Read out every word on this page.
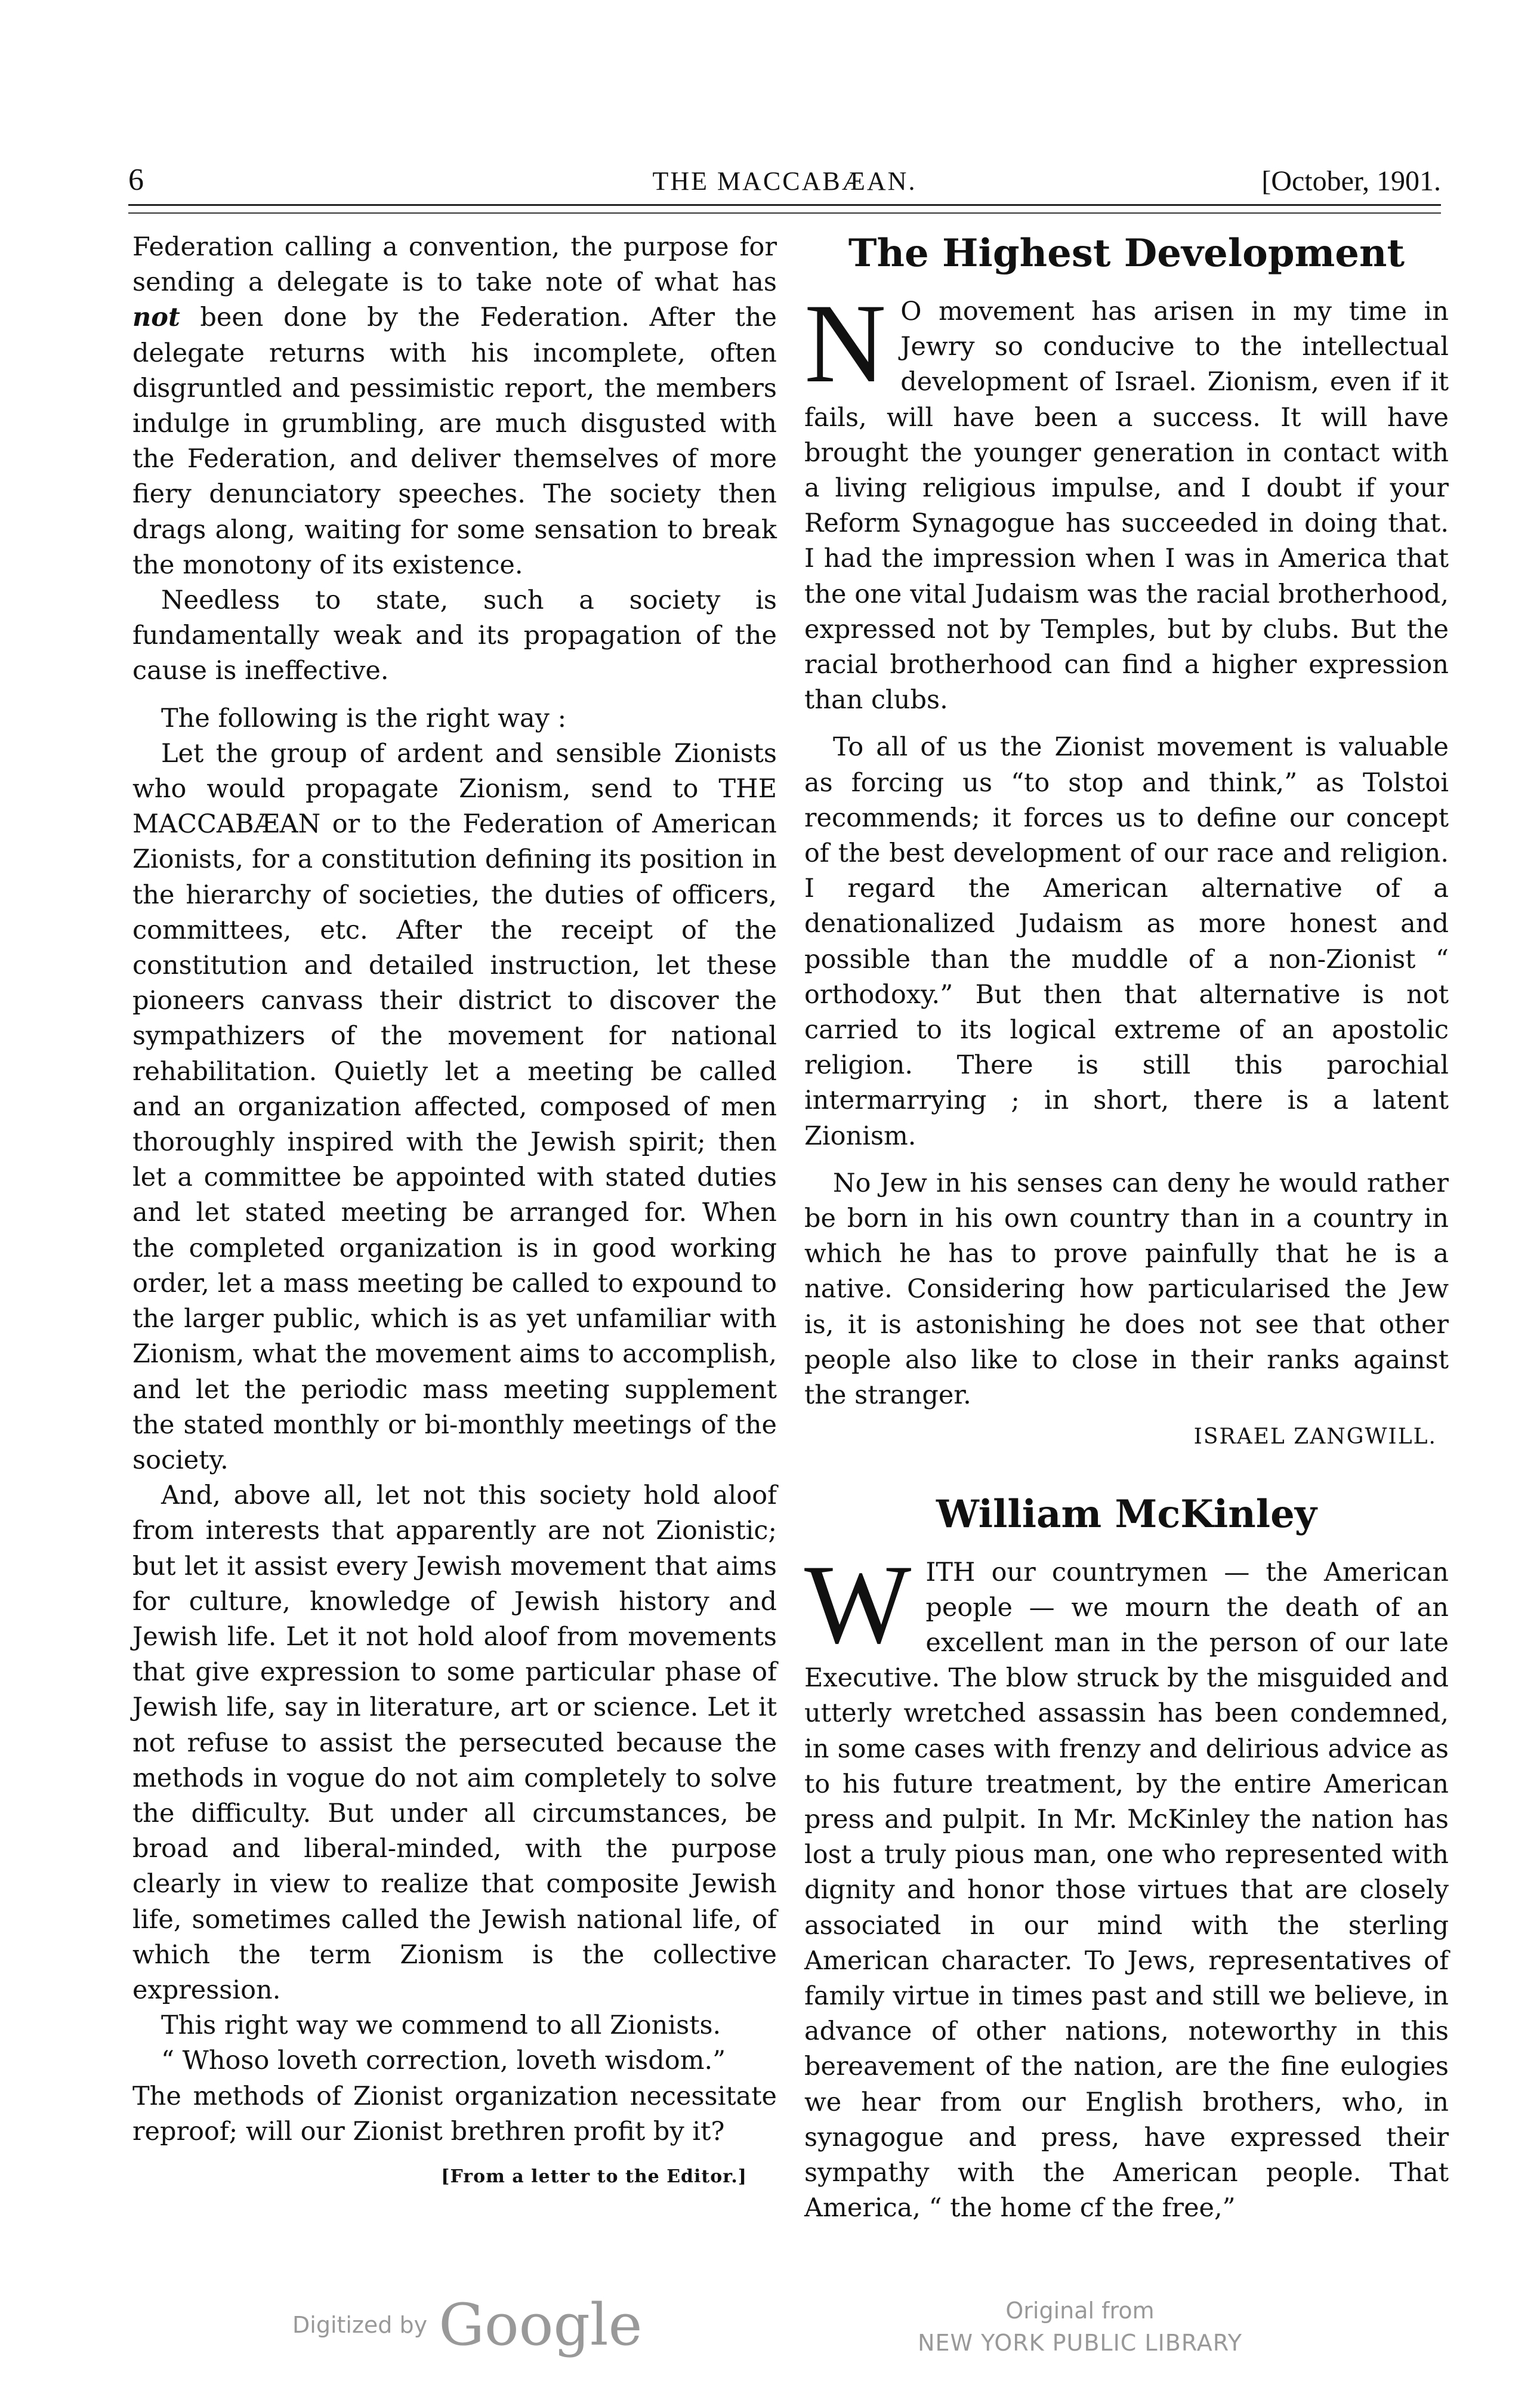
6	THE MACCABÆAN.	[October, 1901.

Federation calling a convention, the purpose for sending a delegate is to take note of what has not been done by the Federation. After the delegate returns with his incomplete, often disgruntled and pessimistic report, the members indulge in grumbling, are much disgusted with the Federation, and deliver themselves of more fiery denunciatory speeches. The society then drags along, waiting for some sensation to break the monotony of its existence.

Needless to state, such a society is fundamentally weak and its propagation of the cause is ineffective.

The following is the right way :

Let the group of ardent and sensible Zionists who would propagate Zionism, send to THE MACCABÆAN or to the Federation of American Zionists, for a constitution defining its position in the hierarchy of societies, the duties of officers, committees, etc. After the receipt of the constitution and detailed instruction, let these pioneers canvass their district to discover the sympathizers of the movement for national rehabilitation. Quietly let a meeting be called and an organization affected, composed of men thoroughly inspired with the Jewish spirit; then let a committee be appointed with stated duties and let stated meeting be arranged for. When the completed organization is in good working order, let a mass meeting be called to expound to the larger public, which is as yet unfamiliar with Zionism, what the movement aims to accomplish, and let the periodic mass meeting supplement the stated monthly or bi-monthly meetings of the society.

And, above all, let not this society hold aloof from interests that apparently are not Zionistic; but let it assist every Jewish movement that aims for culture, knowledge of Jewish history and Jewish life. Let it not hold aloof from movements that give expression to some particular phase of Jewish life, say in literature, art or science. Let it not refuse to assist the persecuted because the methods in vogue do not aim completely to solve the difficulty. But under all circumstances, be broad and liberal-minded, with the purpose clearly in view to realize that composite Jewish life, sometimes called the Jewish national life, of which the term Zionism is the collective expression.

This right way we commend to all Zionists.

“ Whoso loveth correction, loveth wisdom.”

The methods of Zionist organization necessitate reproof; will our Zionist brethren profit by it?

[From a letter to the Editor.]
The Highest Development

N O movement has arisen in my time in Jewry so conducive to the intellectual development of Israel. Zionism, even if it fails, will have been a success. It will have brought the younger generation in contact with a living religious impulse, and I doubt if your Reform Synagogue has succeeded in doing that. I had the impression when I was in America that the one vital Judaism was the racial brotherhood, expressed not by Temples, but by clubs. But the racial brotherhood can find a higher expression than clubs.

To all of us the Zionist movement is valuable as forcing us “to stop and think,” as Tolstoi recommends; it forces us to define our concept of the best development of our race and religion. I regard the American alternative of a denationalized Judaism as more honest and possible than the muddle of a non-Zionist “ orthodoxy.” But then that alternative is not carried to its logical extreme of an apostolic religion. There is still this parochial intermarrying ; in short, there is a latent Zionism.

No Jew in his senses can deny he would rather be born in his own country than in a country in which he has to prove painfully that he is a native. Considering how particularised the Jew is, it is astonishing he does not see that other people also like to close in their ranks against the stranger.

ISRAEL ZANGWILL.
William McKinley

WITH our countrymen — the American people — we mourn the death of an excellent man in the person of our late Executive. The blow struck by the misguided and utterly wretched assassin has been condemned, in some cases with frenzy and delirious advice as to his future treatment, by the entire American press and pulpit. In Mr. McKinley the nation has lost a truly pious man, one who represented with dignity and honor those virtues that are closely associated in our mind with the sterling American character. To Jews, representatives of family virtue in times past and still we believe, in advance of other nations, noteworthy in this bereavement of the nation, are the fine eulogies we hear from our English brothers, who, in synagogue and press, have expressed their sympathy with the American people. That America, “ the home cf the free,”

Digitized by Google	Original from
NEW YORK PUBLIC LIBRARY
